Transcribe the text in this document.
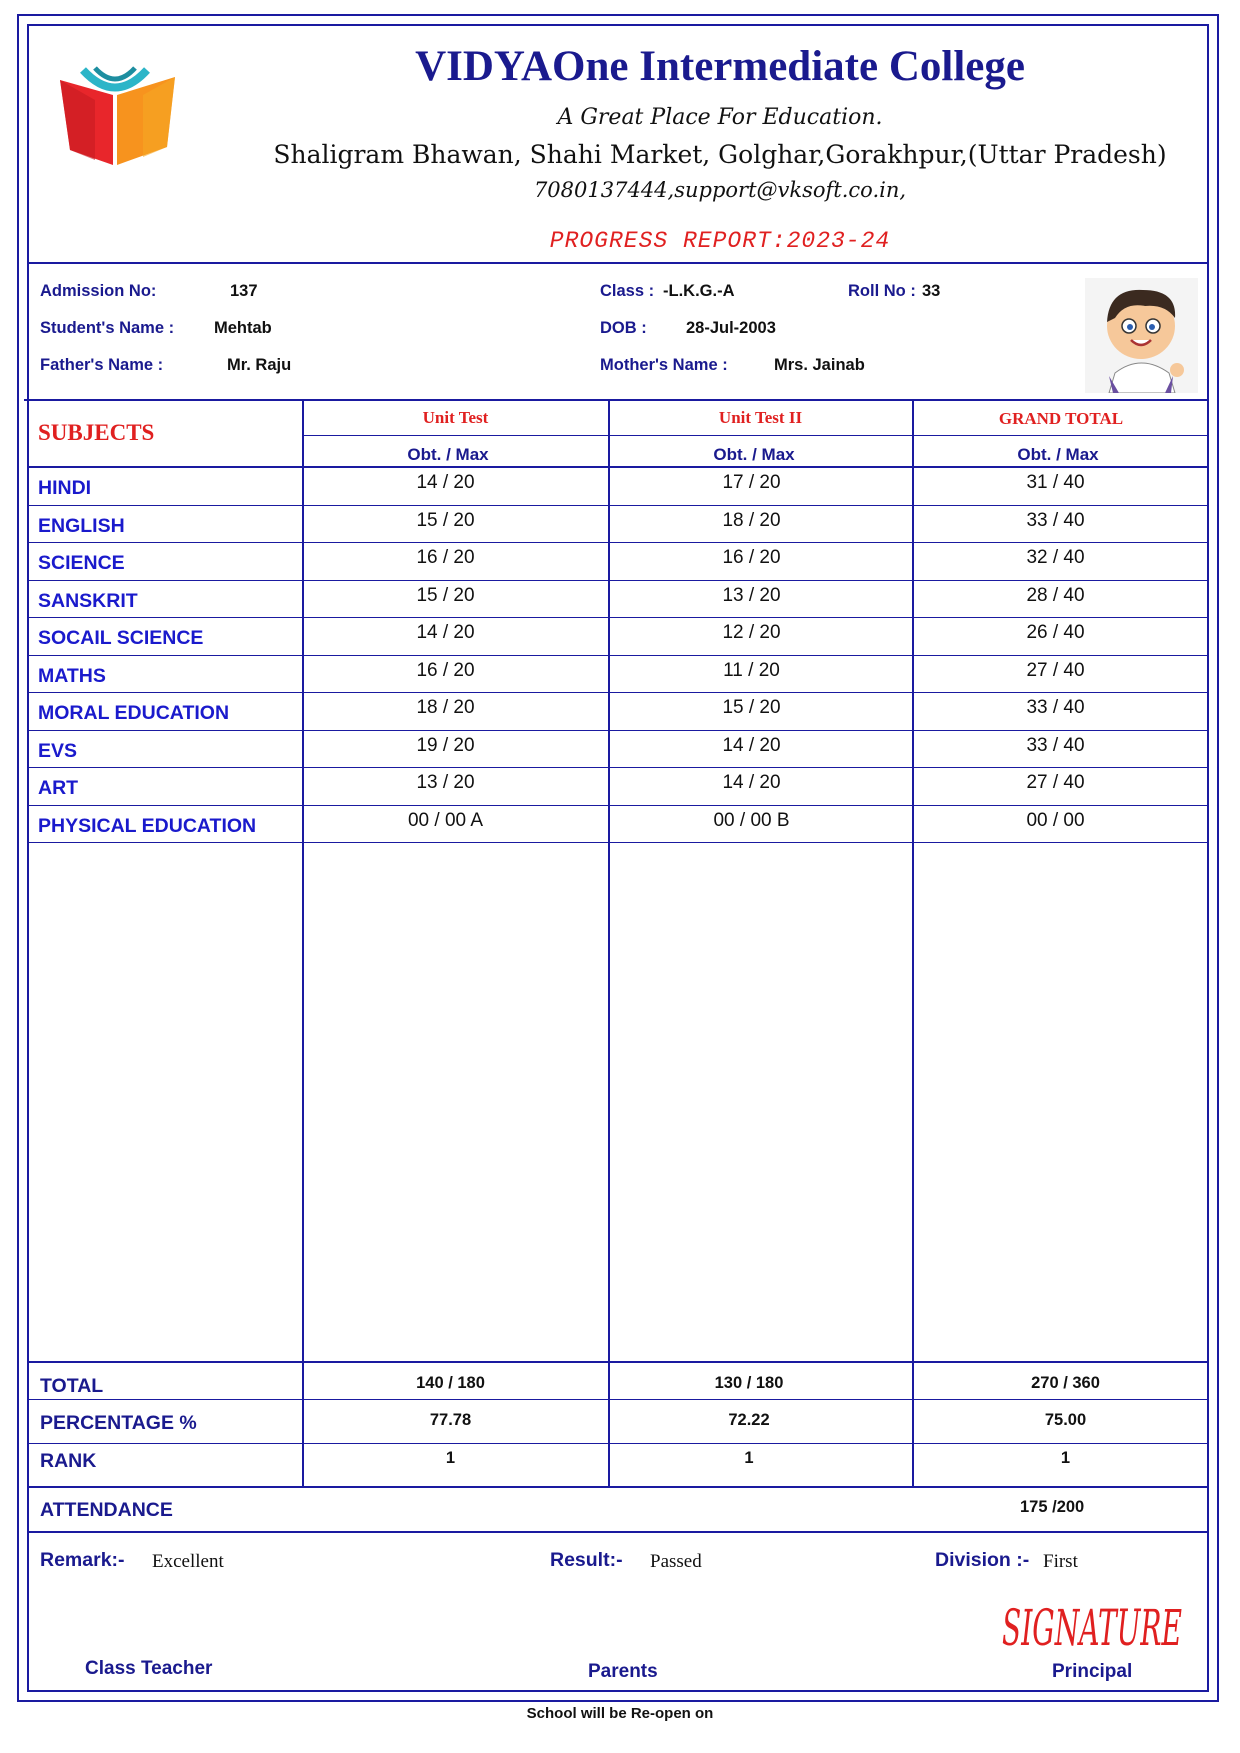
VIDYAOne Intermediate College
A Great Place For Education.
Shaligram Bhawan, Shahi Market, Golghar,Gorakhpur,(Uttar Pradesh)
7080137444,support@vksoft.co.in,
PROGRESS REPORT:2023-24
Admission No:	137	Class : -L.K.G.-A	Roll No : 33
Student's Name : Mehtab	DOB : 28-Jul-2003
Father's Name :	Mr. Raju	Mother's Name :	Mrs. Jainab
SUBJECTS
Unit Test	Unit Test II	GRAND TOTAL
Obt. / Max	Obt. / Max	Obt. / Max
HINDI	14 / 20	17 / 20	31 / 40
ENGLISH	15 / 20	18 / 20	33 / 40
SCIENCE	16 / 20	16 / 20	32 / 40
SANSKRIT	15 / 20	13 / 20	28 / 40
SOCAIL SCIENCE	14 / 20	12 / 20	26 / 40
MATHS	16 / 20	11 / 20	27 / 40
MORAL EDUCATION	18 / 20	15 / 20	33 / 40
EVS	19 / 20	14 / 20	33 / 40
ART	13 / 20	14 / 20	27 / 40
PHYSICAL EDUCATION	00 / 00 A	00 / 00 B	00 / 00
TOTAL	140 / 180	130 / 180	270 / 360
PERCENTAGE %	77.78	72.22	75.00
RANK	1	1	1
ATTENDANCE	175 /200
Remark:- Excellent	Result:- Passed	Division :- First
SIGNATURE
Class Teacher	Parents	Principal
School will be Re-open on
